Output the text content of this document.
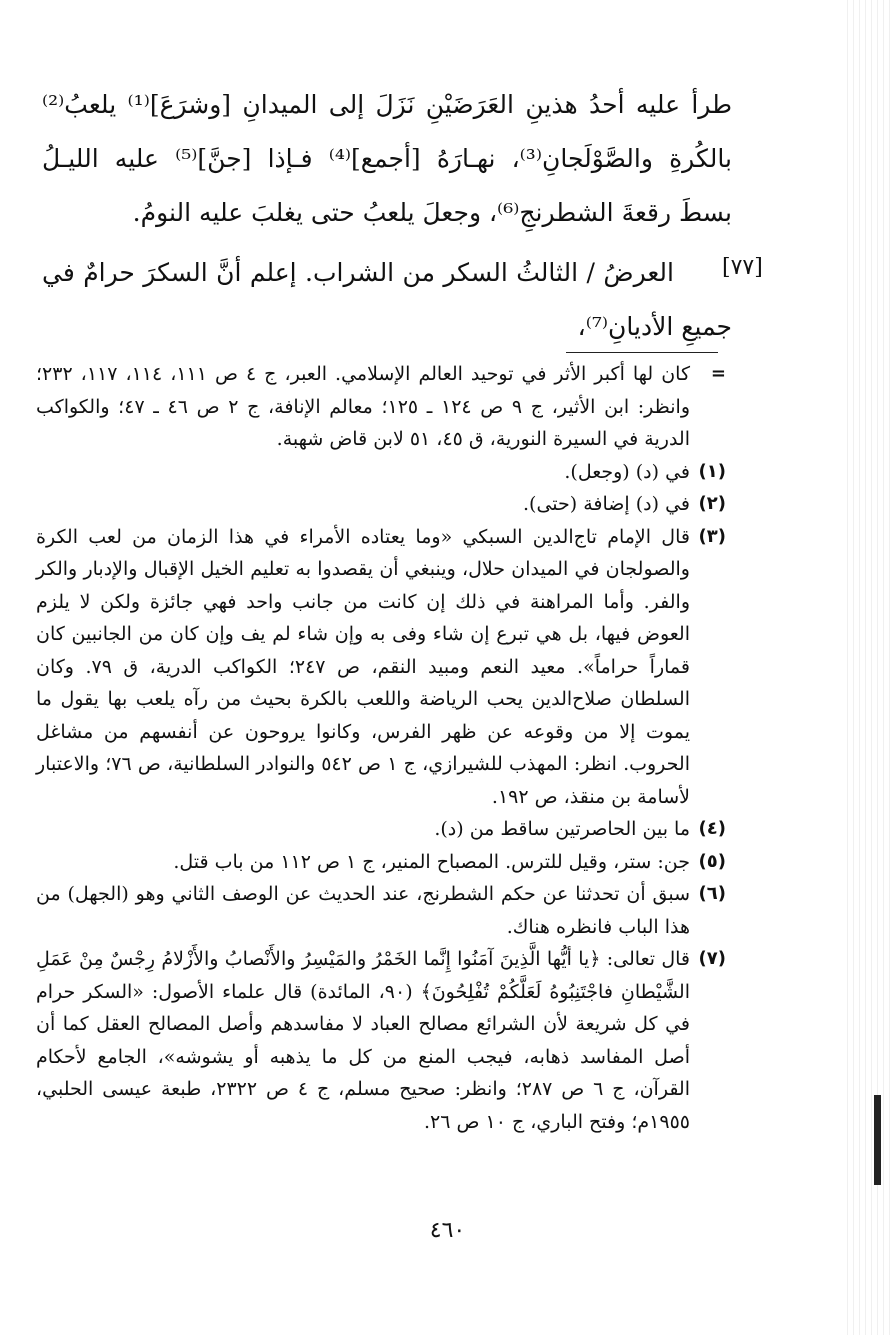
طرأ عليه أحدُ هذينِ العَرَضَيْنِ نَزَلَ إلى الميدانِ [وشرَعَ]⁽¹⁾ يلعبُ⁽²⁾ بالكُرةِ والصَّوْلَجانِ⁽³⁾، نهـارَهُ [أجمع]⁽⁴⁾ فـإذا [جنَّ]⁽⁵⁾ عليه الليـلُ بسطَ رقعةَ الشطرنجِ⁽⁶⁾، وجعلَ يلعبُ حتى يغلبَ عليه النومُ.

العرضُ / الثالثُ السكر من الشراب. إعلم أنَّ السكرَ حرامٌ في جميعِ الأديانِ⁽⁷⁾،

[٧٧]
=
كان لها أكبر الأثر في توحيد العالم الإسلامي. العبر، ج ٤ ص ١١١، ١١٤، ١١٧، ٢٣٢؛ وانظر: ابن الأثير، ج ٩ ص ١٢٤ ـ ١٢٥؛ معالم الإنافة، ج ٢ ص ٤٦ ـ ٤٧؛ والكواكب الدرية في السيرة النورية، ق ٤٥، ٥١ لابن قاض شهبة.
(١)
في (د) (وجعل).
(٢)
في (د) إضافة (حتى).
(٣)
قال الإمام تاج‌الدين السبكي «وما يعتاده الأمراء في هذا الزمان من لعب الكرة والصولجان في الميدان حلال، وينبغي أن يقصدوا به تعليم الخيل الإقبال والإدبار والكر والفر. وأما المراهنة في ذلك إن كانت من جانب واحد فهي جائزة ولكن لا يلزم العوض فيها، بل هي تبرع إن شاء وفى به وإن شاء لم يف وإن كان من الجانبين كان قماراً حراماً». معيد النعم ومبيد النقم، ص ٢٤٧؛ الكواكب الدرية، ق ٧٩. وكان السلطان صلاح‌الدين يحب الرياضة واللعب بالكرة بحيث من رآه يلعب بها يقول ما يموت إلا من وقوعه عن ظهر الفرس، وكانوا يروحون عن أنفسهم من مشاغل الحروب. انظر: المهذب للشيرازي، ج ١ ص ٥٤٢ والنوادر السلطانية، ص ٧٦؛ والاعتبار لأسامة بن منقذ، ص ١٩٢.
(٤)
ما بين الحاصرتين ساقط من (د).
(٥)
جن: ستر، وقيل للترس. المصباح المنير، ج ١ ص ١١٢ من باب قتل.
(٦)
سبق أن تحدثنا عن حكم الشطرنج، عند الحديث عن الوصف الثاني وهو (الجهل) من هذا الباب فانظره هناك.
(٧)
قال تعالى: ﴿يا أيُّها الَّذِينَ آمَنُوا إِنَّما الخَمْرُ والمَيْسِرُ والأَنْصابُ والأَزْلامُ رِجْسٌ مِنْ عَمَلِ الشَّيْطانِ فاجْتَنِبُوهُ لَعَلَّكُمْ تُفْلِحُونَ﴾ (٩٠، المائدة) قال علماء الأصول: «السكر حرام في كل شريعة لأن الشرائع مصالح العباد لا مفاسدهم وأصل المصالح العقل كما أن أصل المفاسد ذهابه، فيجب المنع من كل ما يذهبه أو يشوشه»، الجامع لأحكام القرآن، ج ٦ ص ٢٨٧؛ وانظر: صحيح مسلم، ج ٤ ص ٢٣٢٢، طبعة عيسى الحلبي، ١٩٥٥م؛ وفتح الباري، ج ١٠ ص ٢٦.
٤٦٠
